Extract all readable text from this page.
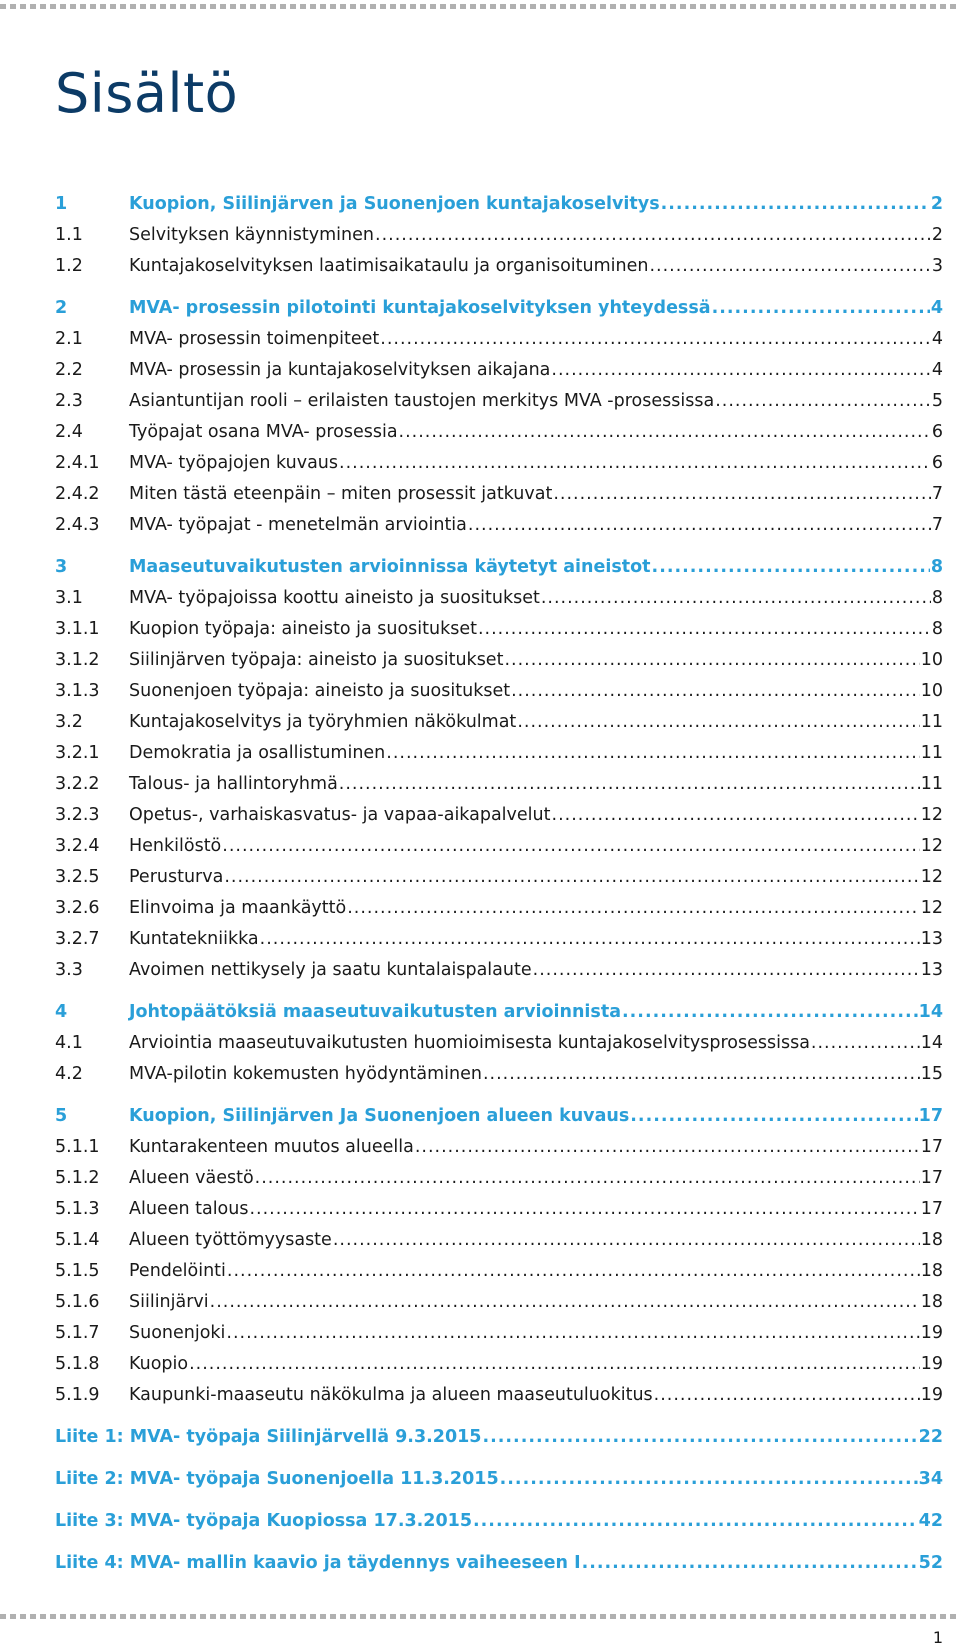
Sisältö
1	Kuopion, Siilinjärven ja Suonenjoen kuntajakoselvitys .....	2
1.1	Selvityksen käynnistyminen .....	2
1.2	Kuntajakoselvityksen laatimisaikataulu ja organisoituminen .....	3
2	MVA- prosessin pilotointi kuntajakoselvityksen yhteydessä .....	4
2.1	MVA- prosessin toimenpiteet .....	4
2.2	MVA- prosessin ja kuntajakoselvityksen aikajana .....	4
2.3	Asiantuntijan rooli – erilaisten taustojen merkitys MVA -prosessissa .....	5
2.4	Työpajat osana MVA- prosessia .....	6
2.4.1	MVA- työpajojen kuvaus .....	6
2.4.2	Miten tästä eteenpäin – miten prosessit jatkuvat .....	7
2.4.3	MVA- työpajat - menetelmän arviointia .....	7
3	Maaseutuvaikutusten arvioinnissa käytetyt aineistot .....	8
3.1	MVA- työpajoissa koottu aineisto ja suositukset .....	8
3.1.1	Kuopion työpaja: aineisto ja suositukset .....	8
3.1.2	Siilinjärven työpaja: aineisto ja suositukset .....	10
3.1.3	Suonenjoen työpaja: aineisto ja suositukset .....	10
3.2	Kuntajakoselvitys ja työryhmien näkökulmat .....	11
3.2.1	Demokratia ja osallistuminen .....	11
3.2.2	Talous- ja hallintoryhmä .....	11
3.2.3	Opetus-, varhaiskasvatus- ja vapaa-aikapalvelut .....	12
3.2.4	Henkilöstö .....	12
3.2.5	Perusturva .....	12
3.2.6	Elinvoima ja maankäyttö .....	12
3.2.7	Kuntatekniikka .....	13
3.3	Avoimen nettikysely ja saatu kuntalaispalaute .....	13
4	Johtopäätöksiä maaseutuvaikutusten arvioinnista .....	14
4.1	Arviointia maaseutuvaikutusten huomioimisesta kuntajakoselvitysprosessissa .....	14
4.2	MVA-pilotin kokemusten hyödyntäminen .....	15
5	Kuopion, Siilinjärven Ja Suonenjoen alueen kuvaus .....	17
5.1.1	Kuntarakenteen muutos alueella .....	17
5.1.2	Alueen väestö .....	17
5.1.3	Alueen talous .....	17
5.1.4	Alueen työttömyysaste .....	18
5.1.5	Pendelöinti .....	18
5.1.6	Siilinjärvi .....	18
5.1.7	Suonenjoki .....	19
5.1.8	Kuopio .....	19
5.1.9	Kaupunki-maaseutu näkökulma ja alueen maaseutuluokitus .....	19
Liite 1: MVA- työpaja Siilinjärvellä 9.3.2015 .....	22
Liite 2: MVA- työpaja Suonenjoella 11.3.2015 .....	34
Liite 3: MVA- työpaja Kuopiossa 17.3.2015 .....	42
Liite 4: MVA- mallin kaavio ja täydennys vaiheeseen I .....	52
1
